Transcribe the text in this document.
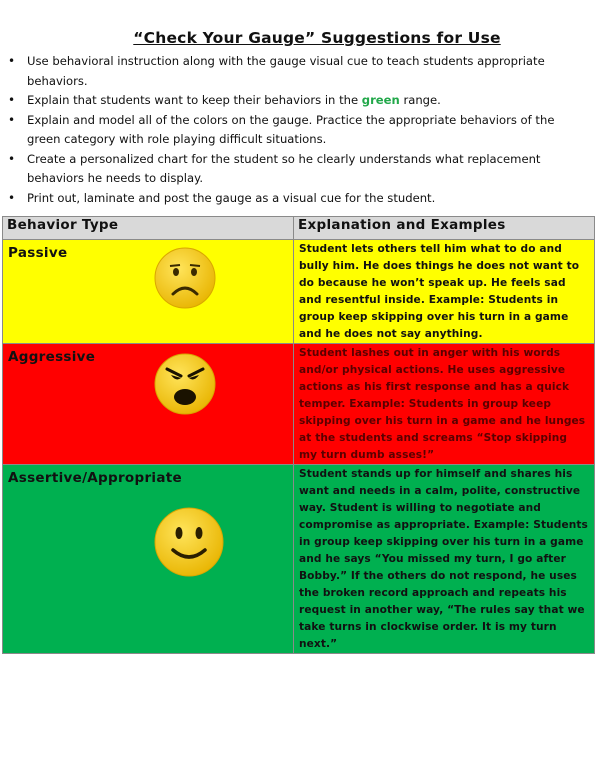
“Check Your Gauge” Suggestions for Use
• Use behavioral instruction along with the gauge visual cue to teach students appropriate behaviors.
• Explain that students want to keep their behaviors in the green range.
• Explain and model all of the colors on the gauge. Practice the appropriate behaviors of the green category with role playing difficult situations.
• Create a personalized chart for the student so he clearly understands what replacement behaviors he needs to display.
• Print out, laminate and post the gauge as a visual cue for the student.
Behavior Type	Explanation and Examples

Passive	Student lets others tell him what to do and bully him. He does things he does not want to do because he won’t speak up. He feels sad and resentful inside. Example: Students in group keep skipping over his turn in a game and he does not say anything.

Aggressive	Student lashes out in anger with his words and/or physical actions. He uses aggressive actions as his first response and has a quick temper. Example: Students in group keep skipping over his turn in a game and he lunges at the students and screams “Stop skipping my turn dumb asses!”

Assertive/Appropriate	Student stands up for himself and shares his want and needs in a calm, polite, constructive way. Student is willing to negotiate and compromise as appropriate. Example: Students in group keep skipping over his turn in a game and he says “You missed my turn, I go after Bobby.” If the others do not respond, he uses the broken record approach and repeats his request in another way, “The rules say that we take turns in clockwise order. It is my turn next.”
